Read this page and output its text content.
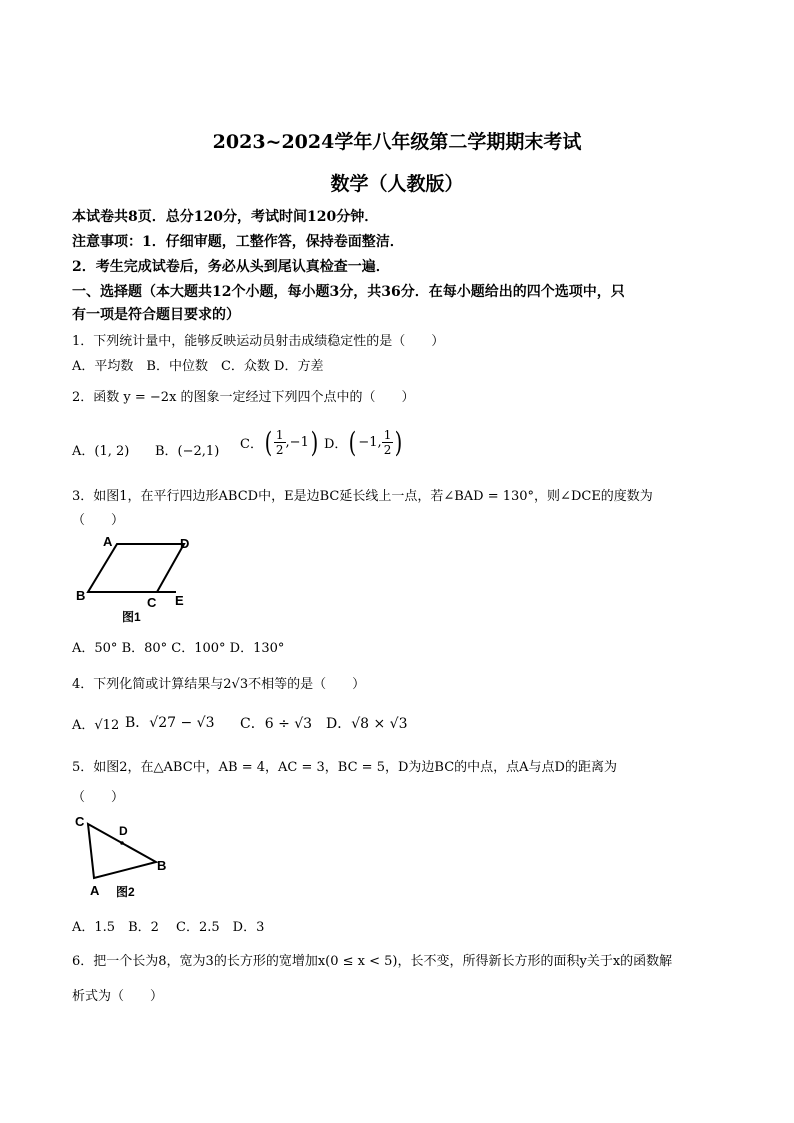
2023~2024学年八年级第二学期期末考试
数学（人教版）
本试卷共8页．总分120分，考试时间120分钟．
注意事项：1．仔细审题，工整作答，保持卷面整洁．
2．考生完成试卷后，务必从头到尾认真检查一遍．
一、选择题（本大题共12个小题，每小题3分，共36分．在每小题给出的四个选项中，只
有一项是符合题目要求的）
1．下列统计量中，能够反映运动员射击成绩稳定性的是（　　）
A．平均数　B．中位数　C．众数 D．方差
2．函数 y = −2x 的图象一定经过下列四个点中的（　　）
A．(1, 2) B．(−2,1) C．( $\frac{1}{2} ,-1$) D．( −1, $\frac{1}{2}$ )
3．如图1，在平行四边形ABCD中，E是边BC延长线上一点，若∠BAD = 130°，则∠DCE的度数为
（　　）
A	D
B	C E
图1
A．50° B．80° C．100° D．130°
4．下列化简或计算结果与2√3不相等的是（　　）
A．√12 B．√27 − √3 C．6 ÷ √3 D．√8 × √3
5．如图2，在△ABC中，AB = 4，AC = 3，BC = 5，D为边BC的中点，点A与点D的距离为
（　　）
C
D
B
A 图2
A．1.5　B．2　 C．2.5　D．3
6．把一个长为8，宽为3的长方形的宽增加x(0 ≤ x < 5)，长不变，所得新长方形的面积y关于x的函数解
析式为（　　）
